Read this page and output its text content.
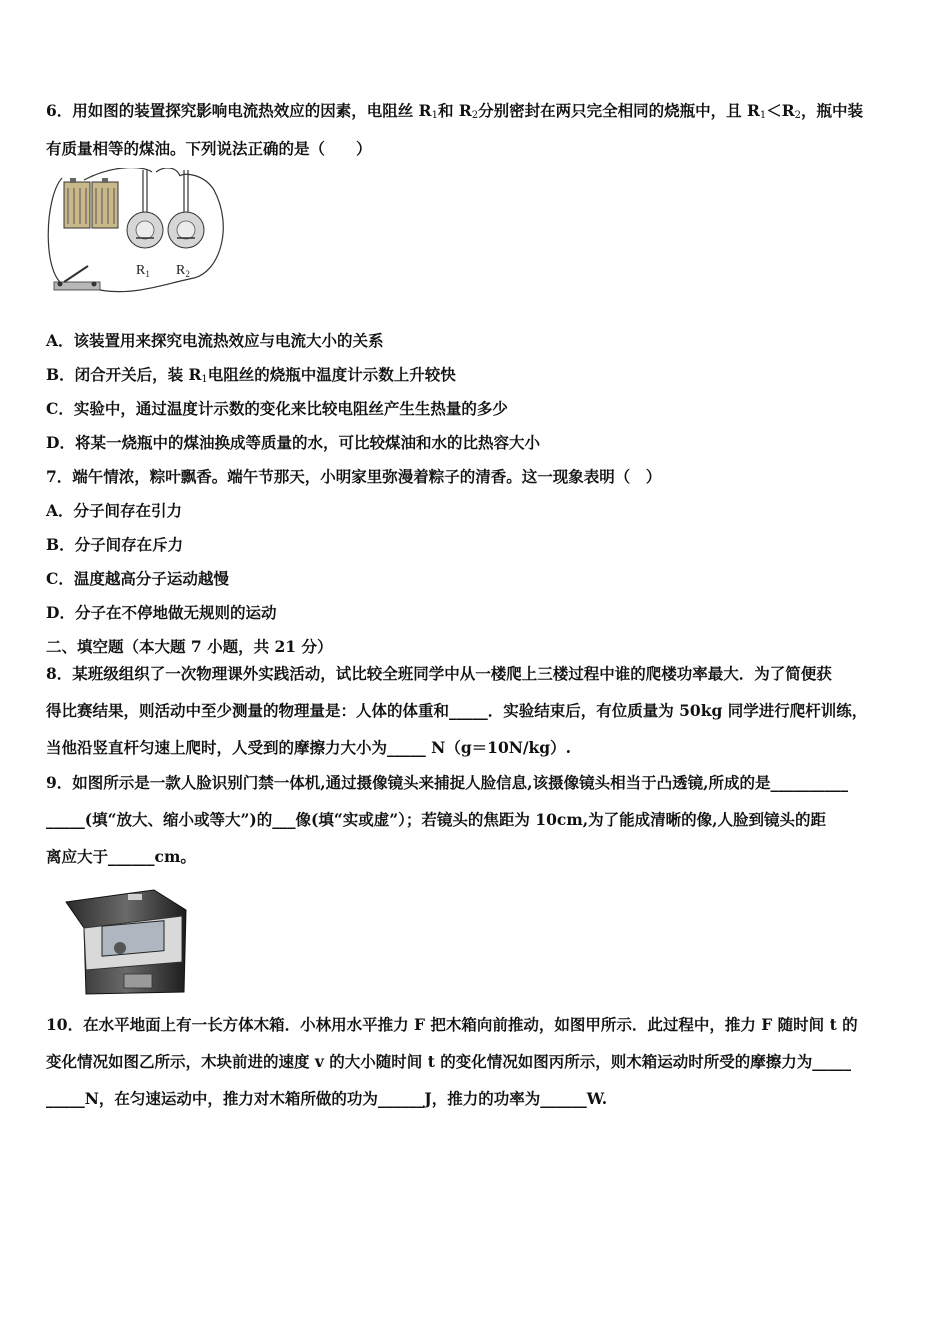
6．用如图的装置探究影响电流热效应的因素，电阻丝 $R_1$和 $R_2$分别密封在两只完全相同的烧瓶中，且 $R_1<R_2$，瓶中装
有质量相等的煤油。下列说法正确的是（　　）
$R_1$ $R_2$
A．该装置用来探究电流热效应与电流大小的关系
B．闭合开关后，装 $R_1$电阻丝的烧瓶中温度计示数上升较快
C．实验中，通过温度计示数的变化来比较电阻丝产生生热量的多少
D．将某一烧瓶中的煤油换成等质量的水，可比较煤油和水的比热容大小
7．端午情浓，粽叶飘香。端午节那天，小明家里弥漫着粽子的清香。这一现象表明（　）
A．分子间存在引力
B．分子间存在斥力
C．温度越高分子运动越慢
D．分子在不停地做无规则的运动
二、填空题（本大题 7 小题，共 21 分）
8．某班级组织了一次物理课外实践活动，试比较全班同学中从一楼爬上三楼过程中谁的爬楼功率最大．为了简便获
得比赛结果，则活动中至少测量的物理量是：人体的体重和_____．实验结束后，有位质量为 50kg 同学进行爬杆训练，
当他沿竖直杆匀速上爬时，人受到的摩擦力大小为_____ N（g＝10N/kg）.
9．如图所示是一款人脸识别门禁一体机,通过摄像镜头来捕捉人脸信息,该摄像镜头相当于凸透镜,所成的是__________
_____(填“放大、缩小或等大”)的___像(填“实或虚”）；若镜头的焦距为 10cm,为了能成清晰的像,人脸到镜头的距
离应大于______cm。
10．在水平地面上有一长方体木箱．小林用水平推力 F 把木箱向前推动，如图甲所示．此过程中，推力 F 随时间 t 的
变化情况如图乙所示，木块前进的速度 v 的大小随时间 t 的变化情况如图丙所示，则木箱运动时所受的摩擦力为_____
_____N，在匀速运动中，推力对木箱所做的功为______J，推力的功率为______W.
